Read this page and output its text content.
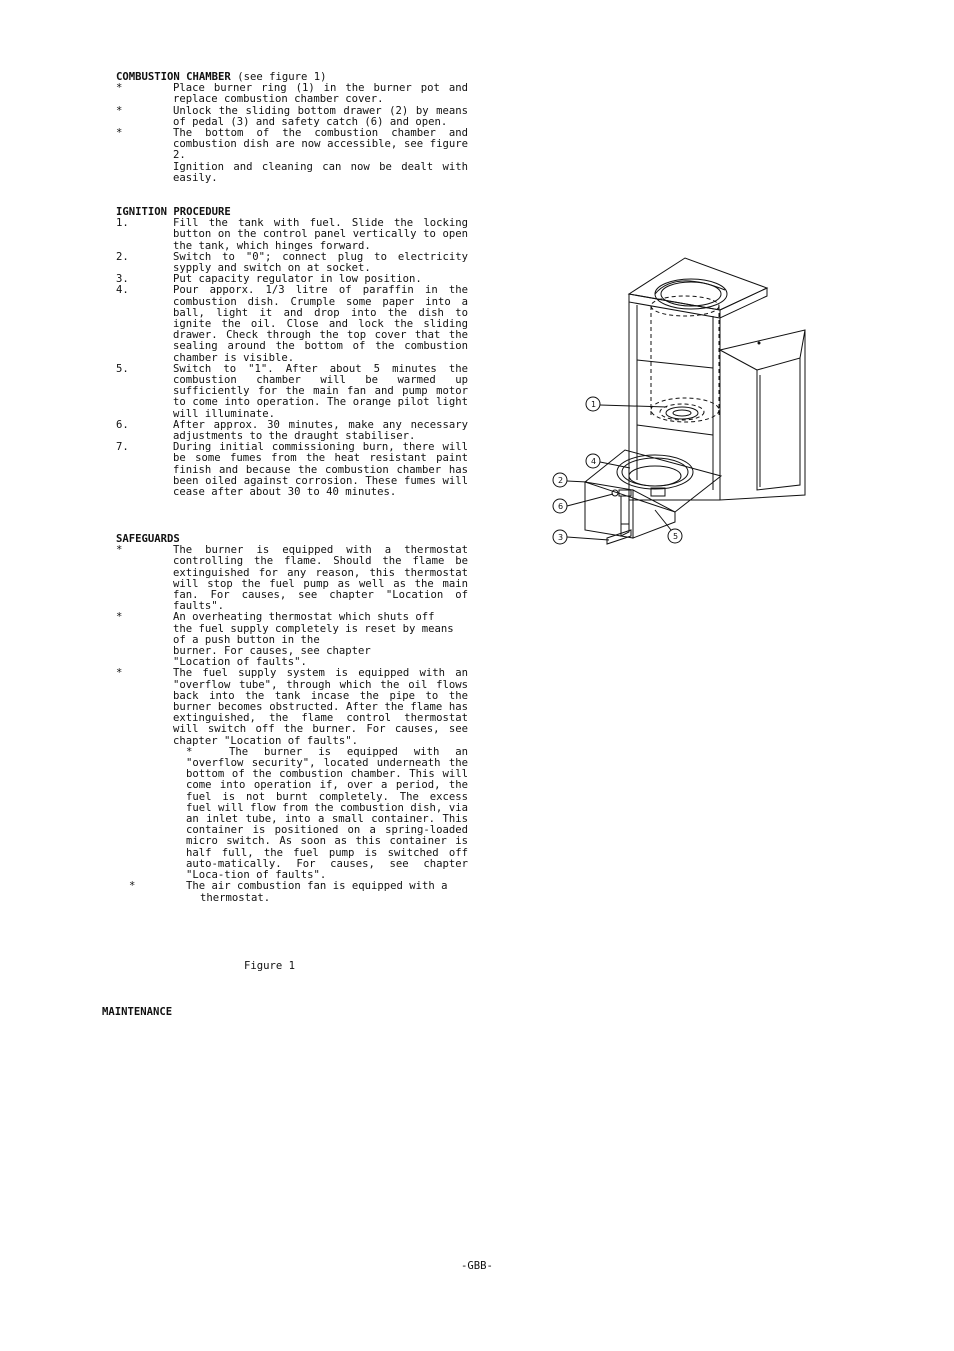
COMBUSTION CHAMBER (see figure 1)
*	Place burner ring (1) in the burner pot and replace combustion chamber cover.
*	Unlock the sliding bottom drawer (2) by means of pedal (3) and safety catch (6) and open.
*	The bottom of the combustion chamber and combustion dish are now accessible, see figure 2.
Ignition and cleaning can now be dealt with easily.
IGNITION PROCEDURE
1.	Fill the tank with fuel. Slide the locking button on the control panel vertically to open the tank, which hinges forward.
2.	Switch to "0"; connect plug to electricity sypply and switch on at socket.
3.	Put capacity regulator in low position.
4.	Pour apporx. 1/3 litre of paraffin in the combustion dish. Crumple some paper into a ball, light it and drop into the dish to ignite the oil. Close and lock the sliding drawer. Check through the top cover that the sealing around the bottom of the combustion chamber is visible.
5.	Switch to "1". After about 5 minutes the combustion chamber will be warmed up sufficiently for the main fan and pump motor to come into operation. The orange pilot light will illuminate.
6.	After approx. 30 minutes, make any necessary adjustments to the draught stabiliser.
7.	During initial commissioning burn, there will be some fumes from the heat resistant paint finish and because the combustion chamber has been oiled against corrosion. These fumes will cease after about 30 to 40 minutes.
SAFEGUARDS
*	The burner is equipped with a thermostat controlling the flame. Should the flame be extinguished for any reason, this thermostat will stop the fuel pump as well as the main fan. For causes, see chapter "Location of faults".
*	An overheating thermostat which shuts off
the fuel supply completely is reset by means
of a push button in the
burner. For causes, see chapter
"Location of faults".
*	The fuel supply system is equipped with an "overflow tube", through which the oil flows back into the tank incase the pipe to the burner becomes obstructed. After the flame has extinguished, the flame control thermostat will switch off the burner. For causes, see chapter "Location of faults".
*	The burner is equipped with an "overflow security", located underneath the bottom of the combustion chamber. This will come into operation if, over a period, the fuel is not burnt completely. The excess fuel will flow from the combustion dish, via an inlet tube, into a small container. This container is positioned on a spring-loaded micro switch. As soon as this container is half full, the fuel pump is switched off auto-matically. For causes, see chapter "Loca-tion of faults".
*	The air combustion fan is equipped with a
thermostat.
Figure 1
MAINTENANCE
-GBB-
1
4
2
6
3	5
